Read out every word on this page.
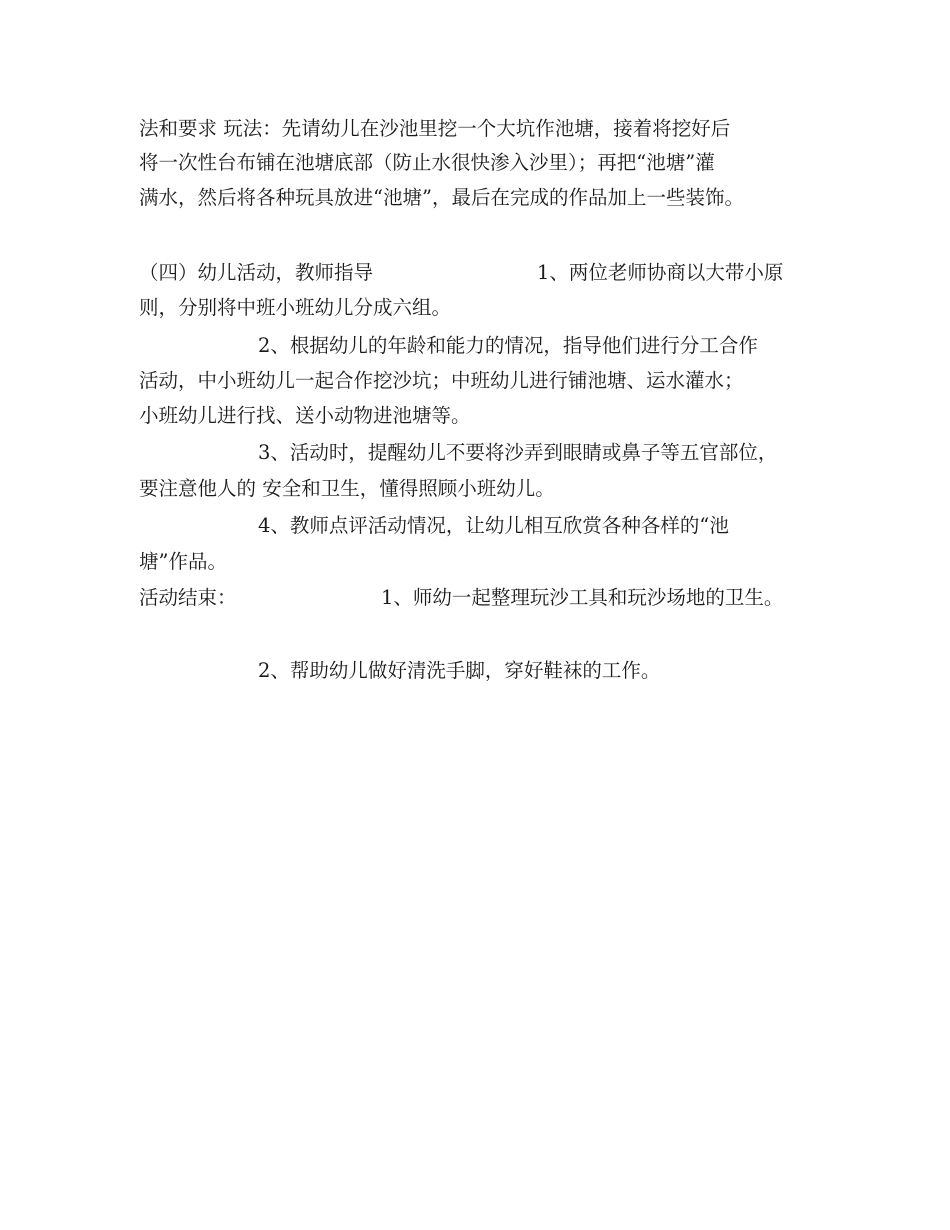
法和要求 玩法：先请幼儿在沙池里挖一个大坑作池塘，接着将挖好后
将一次性台布铺在池塘底部（防止水很快渗入沙里）；再把“池塘”灌
满水，然后将各种玩具放进“池塘”，最后在完成的作品加上一些装饰。
（四）幼儿活动，教师指导	1、两位老师协商以大带小原
则，分别将中班小班幼儿分成六组。
2、根据幼儿的年龄和能力的情况，指导他们进行分工合作
活动，中小班幼儿一起合作挖沙坑；中班幼儿进行铺池塘、运水灌水；
小班幼儿进行找、送小动物进池塘等。
3、活动时，提醒幼儿不要将沙弄到眼睛或鼻子等五官部位，
要注意他人的 安全和卫生，懂得照顾小班幼儿。
4、教师点评活动情况，让幼儿相互欣赏各种各样的“池
塘”作品。
活动结束：	1、师幼一起整理玩沙工具和玩沙场地的卫生。
2、帮助幼儿做好清洗手脚，穿好鞋袜的工作。
